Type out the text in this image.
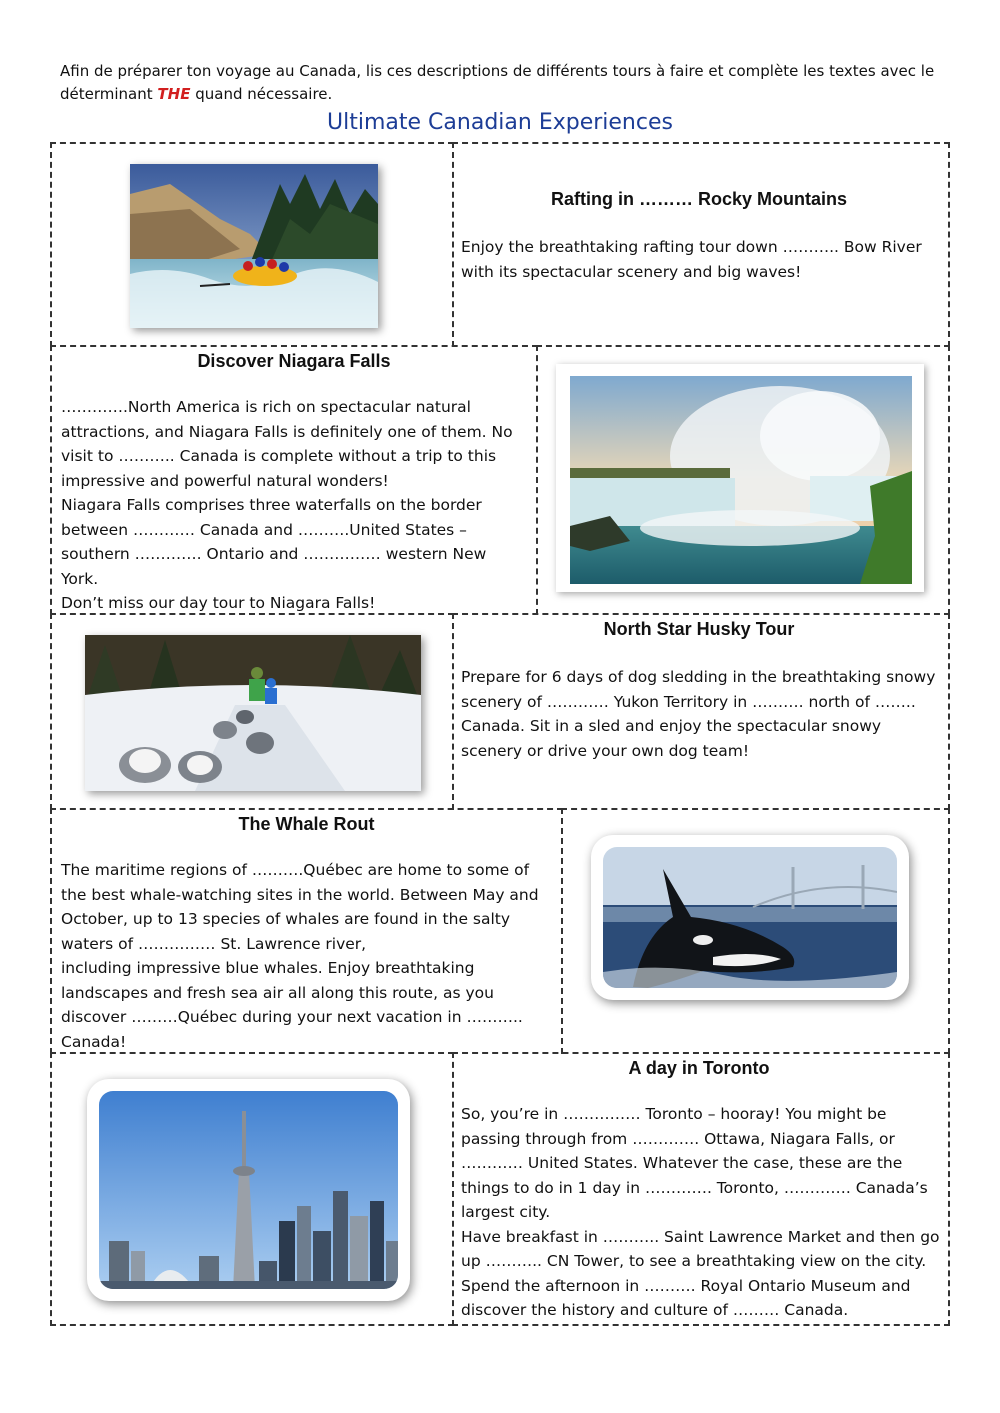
Afin de préparer ton voyage au Canada, lis ces descriptions de différents tours à faire et complète les textes avec le déterminant THE quand nécessaire.
Ultimate Canadian Experiences
Rafting in ……… Rocky Mountains
Enjoy the breathtaking rafting tour down ……….. Bow River with its spectacular scenery and big waves!
Discover Niagara Falls

………….North America is rich on spectacular natural attractions, and Niagara Falls is definitely one of them. No visit to ……….. Canada is complete without a trip to this impressive and powerful natural wonders!

Niagara Falls comprises three waterfalls on the border between ………… Canada and ……….United States – southern …………. Ontario and …………… western New York.

Don’t miss our day tour to Niagara Falls!

North Star Husky Tour
Prepare for 6 days of dog sledding in the breathtaking snowy scenery of ………… Yukon Territory in ………. north of …….. Canada. Sit in a sled and enjoy the spectacular snowy scenery or drive your own dog team!
The Whale Rout

The maritime regions of ……….Québec are home to some of the best whale-watching sites in the world. Between May and October, up to 13 species of whales are found in the salty waters of …………… St. Lawrence river,

including impressive blue whales. Enjoy breathtaking landscapes and fresh sea air all along this route, as you discover ………Québec during your next vacation in ……….. Canada!

A day in Toronto

So, you’re in …………… Toronto – hooray! You might be passing through from …………. Ottawa, Niagara Falls, or ………… United States. Whatever the case, these are the things to do in 1 day in …………. Toronto, …………. Canada’s largest city.

Have breakfast in ……….. Saint Lawrence Market and then go up ……….. CN Tower, to see a breathtaking view on the city. Spend the afternoon in ………. Royal Ontario Museum and discover the history and culture of ……… Canada.
